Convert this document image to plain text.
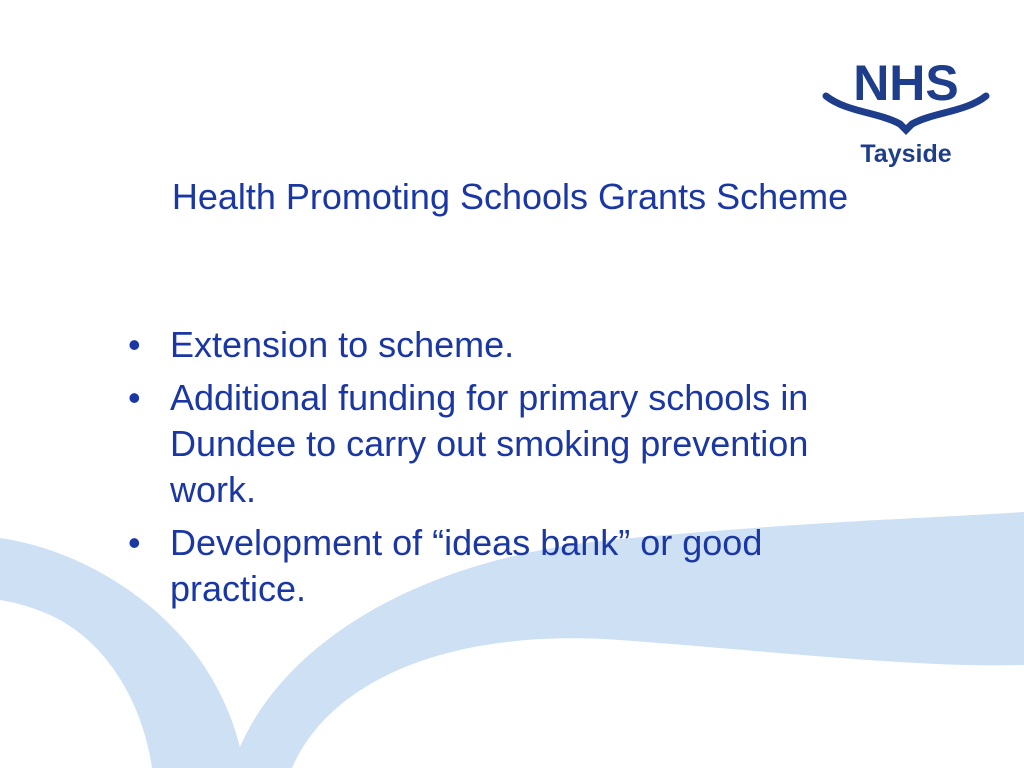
NHS
Tayside
Health Promoting Schools Grants Scheme
• Extension to scheme.
• Additional funding for primary schools in Dundee to carry out smoking prevention work.
• Development of “ideas bank” or good practice.
